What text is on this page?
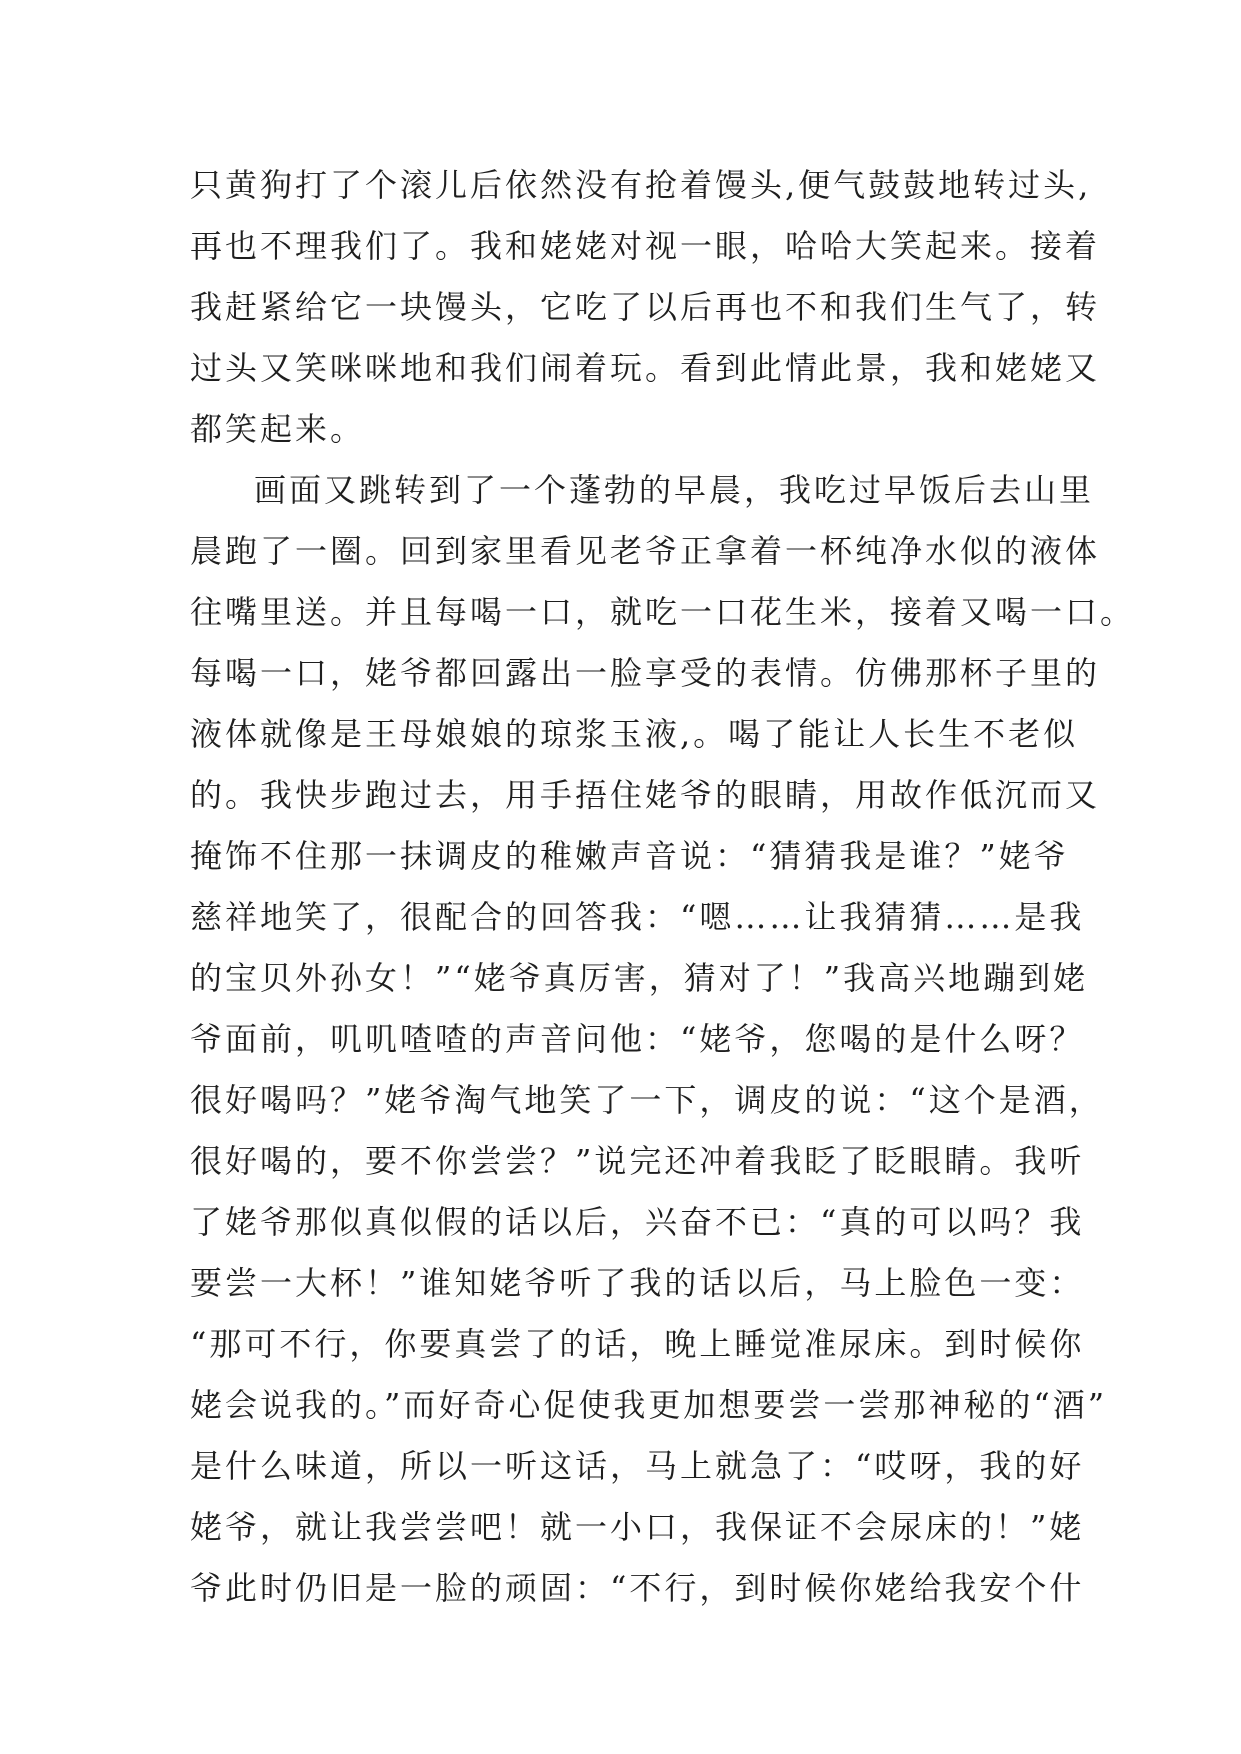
只黄狗打了个滚儿后依然没有抢着馒头,便气鼓鼓地转过头,
再也不理我们了。我和姥姥对视一眼，哈哈大笑起来。接着
我赶紧给它一块馒头，它吃了以后再也不和我们生气了，转
过头又笑咪咪地和我们闹着玩。看到此情此景，我和姥姥又
都笑起来。
画面又跳转到了一个蓬勃的早晨，我吃过早饭后去山里
晨跑了一圈。回到家里看见老爷正拿着一杯纯净水似的液体
往嘴里送。并且每喝一口，就吃一口花生米，接着又喝一口。
每喝一口，姥爷都回露出一脸享受的表情。仿佛那杯子里的
液体就像是王母娘娘的琼浆玉液,。喝了能让人长生不老似
的。我快步跑过去，用手捂住姥爷的眼睛，用故作低沉而又
掩饰不住那一抹调皮的稚嫩声音说：“猜猜我是谁？”姥爷
慈祥地笑了，很配合的回答我：“嗯……让我猜猜……是我
的宝贝外孙女！”“姥爷真厉害，猜对了！”我高兴地蹦到姥
爷面前，叽叽喳喳的声音问他：“姥爷，您喝的是什么呀？
很好喝吗？”姥爷淘气地笑了一下，调皮的说：“这个是酒，
很好喝的，要不你尝尝？”说完还冲着我眨了眨眼睛。我听
了姥爷那似真似假的话以后，兴奋不已：“真的可以吗？我
要尝一大杯！”谁知姥爷听了我的话以后，马上脸色一变：
“那可不行，你要真尝了的话，晚上睡觉准尿床。到时候你
姥会说我的。”而好奇心促使我更加想要尝一尝那神秘的“酒”
是什么味道，所以一听这话，马上就急了：“哎呀，我的好
姥爷，就让我尝尝吧！就一小口，我保证不会尿床的！”姥
爷此时仍旧是一脸的顽固：“不行，到时候你姥给我安个什
